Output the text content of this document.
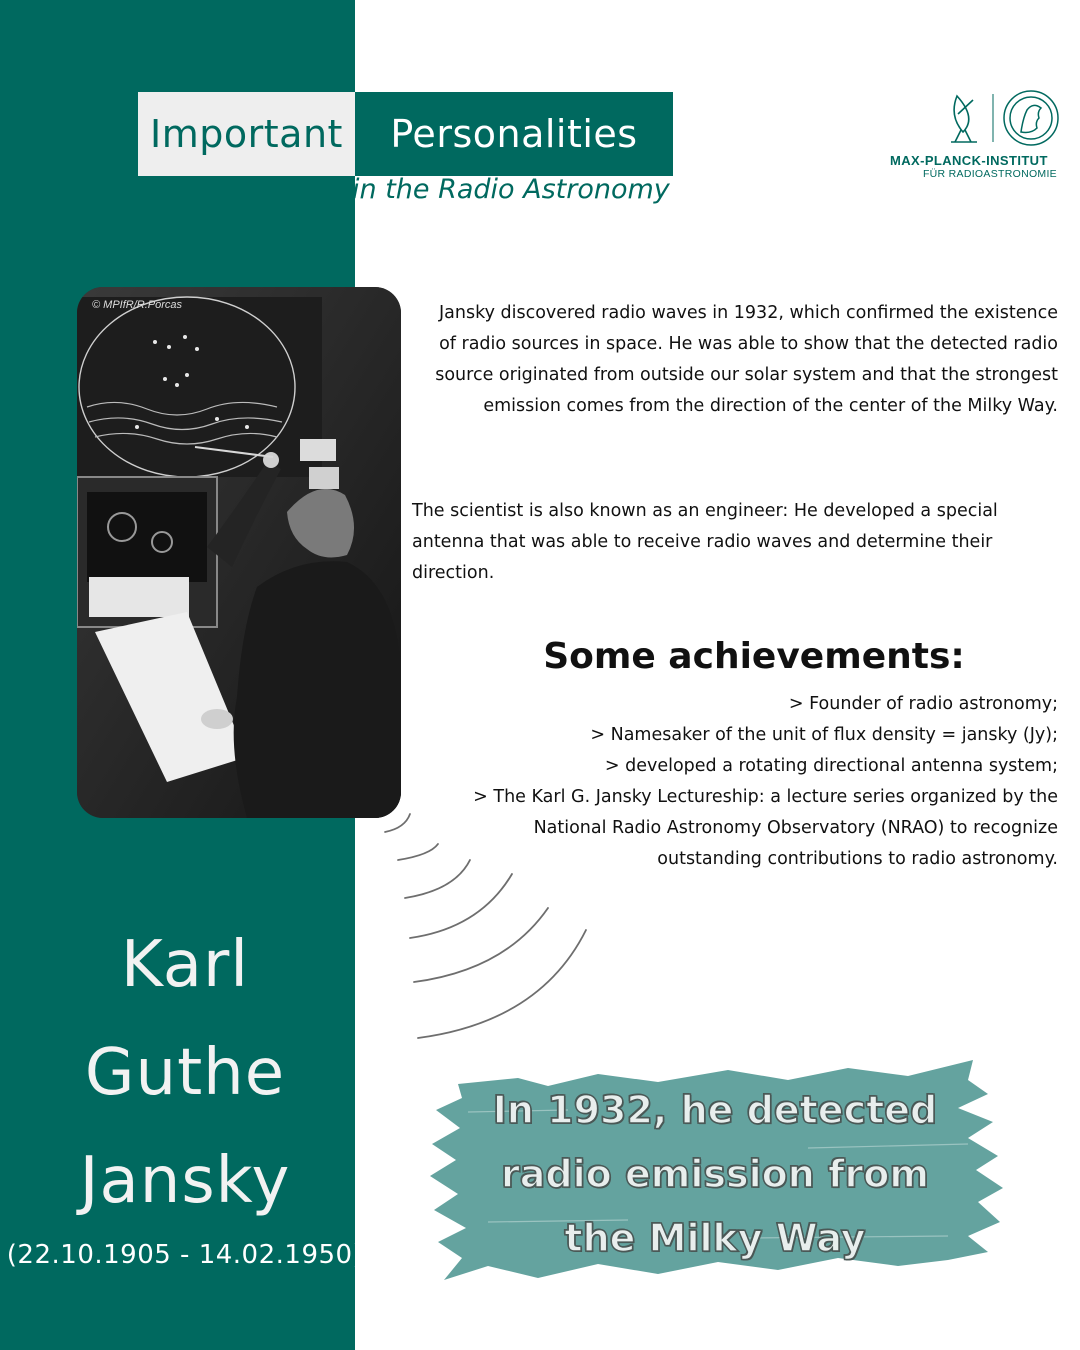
Important	Personalities
in the Radio Astronomy
MAX-PLANCK-INSTITUT
FÜR RADIOASTRONOMIE
© MPIfR/R.Porcas	Jansky discovered radio waves in 1932, which confirmed the existence of radio sources in space. He was able to show that the detected radio source originated from outside our solar system and that the strongest emission comes from the direction of the center of the Milky Way.
The scientist is also known as an engineer: He developed a special antenna that was able to receive radio waves and determine their direction.
Some achievements:
> Founder of radio astronomy;
> Namesaker of the unit of flux density = jansky (Jy);
> developed a rotating directional antenna system;
> The Karl G. Jansky Lectureship: a lecture series organized by the National Radio Astronomy Observatory (NRAO) to recognize outstanding contributions to radio astronomy.
Karl
Guthe
Jansky
(22.10.1905 - 14.02.1950)
In 1932, he detected
radio emission from
the Milky Way
